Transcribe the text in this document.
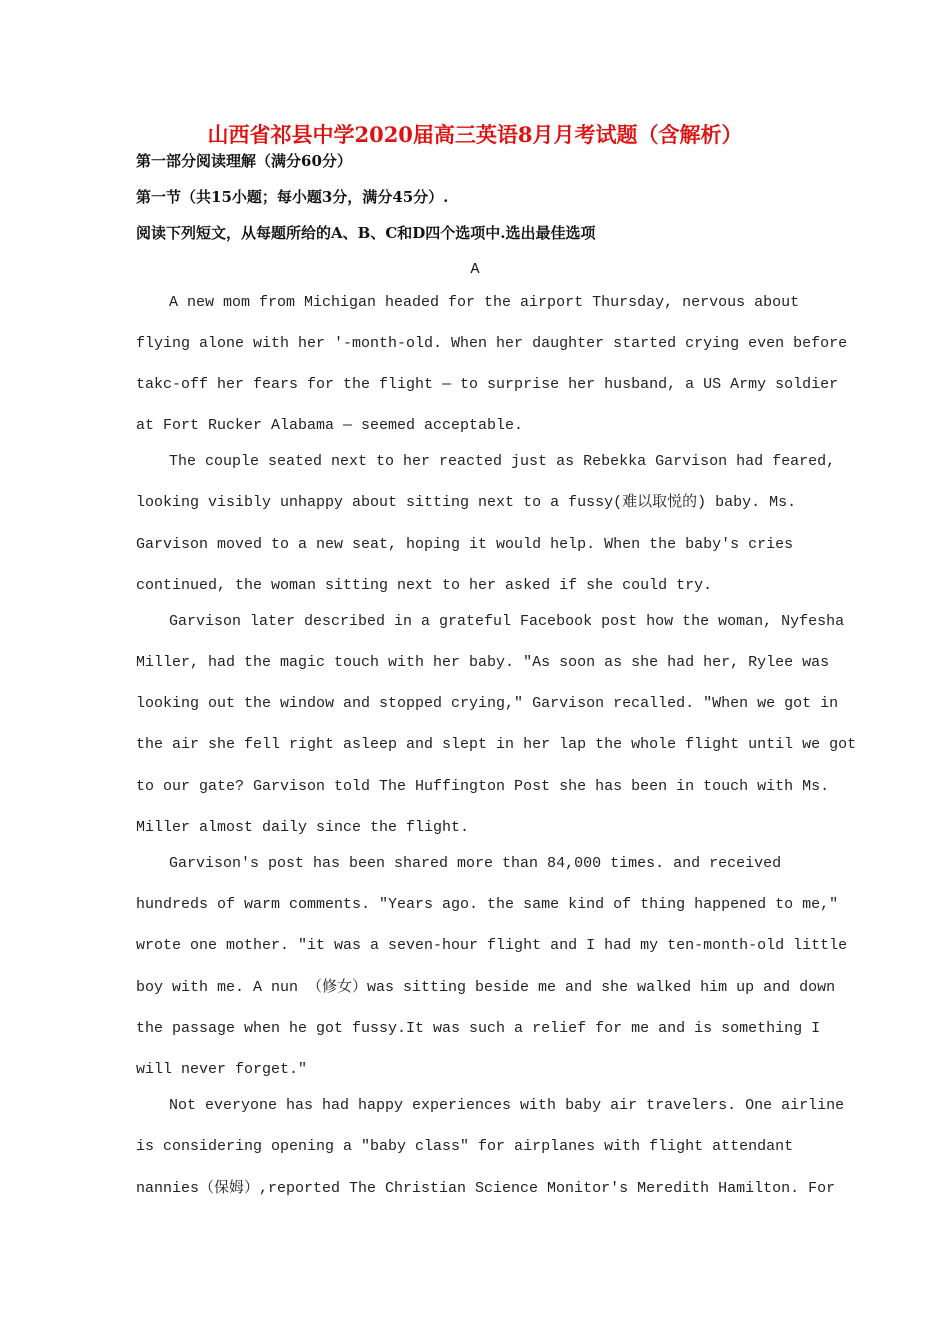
山西省祁县中学2020届高三英语8月月考试题（含解析）
第一部分阅读理解（满分60分）
第一节（共15小题；每小题3分，满分45分）.
阅读下列短文，从每题所给的A、B、C和D四个选项中.选出最佳选项
A
A new mom from Michigan headed for the airport Thursday, nervous about
flying alone with her '-month-old. When her daughter started crying even before
takc-off her fears for the flight — to surprise her husband, a US Army soldier
at Fort Rucker Alabama — seemed acceptable.
The couple seated next to her reacted just as Rebekka Garvison had feared,
looking visibly unhappy about sitting next to a fussy(难以取悦的) baby. Ms.
Garvison moved to a new seat, hoping it would help. When the baby's cries
continued, the woman sitting next to her asked if she could try.
Garvison later described in a grateful Facebook post how the woman, Nyfesha
Miller, had the magic touch with her baby. "As soon as she had her, Rylee was
looking out the window and stopped crying," Garvison recalled. "When we got in
the air she fell right asleep and slept in her lap the whole flight until we got
to our gate? Garvison told The Huffington Post she has been in touch with Ms.
Miller almost daily since the flight.
Garvison's post has been shared more than 84,000 times. and received
hundreds of warm comments. "Years ago. the same kind of thing happened to me,"
wrote one mother. "it was a seven-hour flight and I had my ten-month-old little
boy with me. A nun （修女）was sitting beside me and she walked him up and down
the passage when he got fussy.It was such a relief for me and is something I
will never forget."
Not everyone has had happy experiences with baby air travelers. One airline
is considering opening a "baby class" for airplanes with flight attendant
nannies（保姆）,reported The Christian Science Monitor's Meredith Hamilton. For
